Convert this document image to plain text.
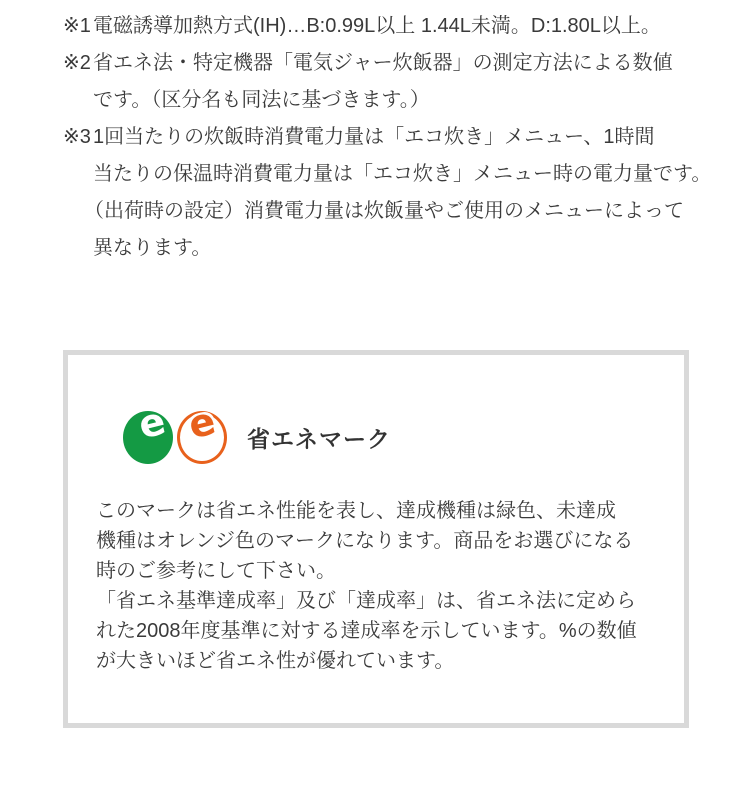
※1 電磁誘導加熱方式(IH)…B:0.99L以上 1.44L未満。D:1.80L以上。
※2 省エネ法・特定機器「電気ジャー炊飯器」の測定方法による数値
です。（区分名も同法に基づきます。）
※3 1回当たりの炊飯時消費電力量は「エコ炊き」メニュー、1時間
当たりの保温時消費電力量は「エコ炊き」メニュー時の電力量です。
（出荷時の設定）消費電力量は炊飯量やご使用のメニューによって
異なります。
e e 省エネマーク
このマークは省エネ性能を表し、達成機種は緑色、未達成
機種はオレンジ色のマークになります。商品をお選びになる
時のご参考にして下さい。
「省エネ基準達成率」及び「達成率」は、省エネ法に定めら
れた2008年度基準に対する達成率を示しています。%の数値
が大きいほど省エネ性が優れています。
